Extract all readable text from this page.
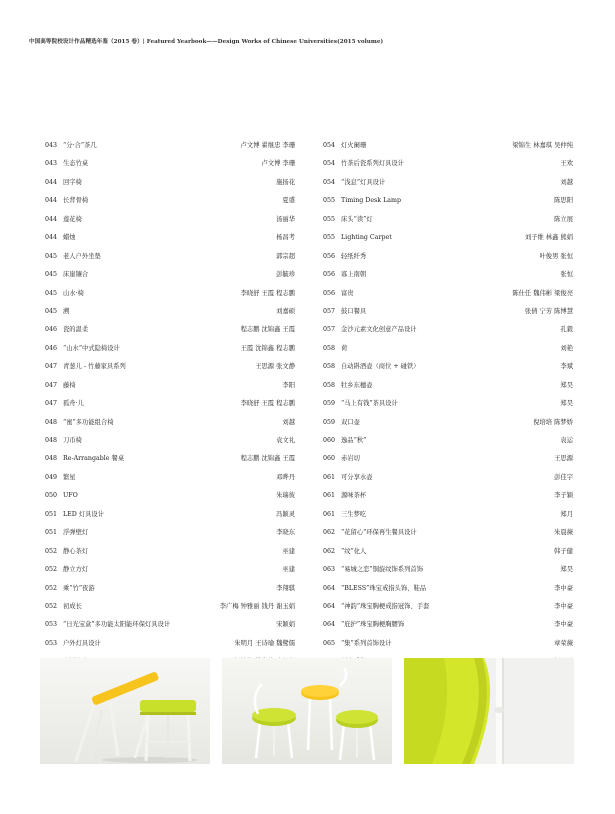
中国高等院校设计作品精选年鉴（2015 卷）| Featured Yearbook——Design Works of Chinese Universities(2015 volume)
043 “分·合”茶几	卢文博 翟继忠 李珊
043 生态竹桌	卢文博 李珊
044 回字椅	施扬花
044 长背骨椅	夏盛
044 莲花椅	汤丽华
044 蜡烛	杨昌考
045 老人户外坐垫	郭宗超
045 床崖镶合	彭毓珍
045 山水·椅	李晓舒 王霞 程志鹏
045 溯	刘嘉硕
046 瓷的温柔	程志鹏 沈锦鑫 王霞
046 “山水”中式隐椅设计	王霞 沈锦鑫 程志鹏
047 青葱儿 - 竹藤家具系列	王思源 张文静
047 藤椅	李阳
047 孤舟·儿	李晓舒 王霞 程志鹏
048 “蜜”多功能组合椅	刘越
048 刀币椅	袁文礼
048 Re-Arrangable 餐桌	程志鹏 沈锦鑫 王霞
049 繁星	邓晔丹
050 UFO	朱瑞彼
051 LED 灯具设计	冯颖灵
051 浮弹壁灯	李晓东
052 静心茶灯	巫建
052 静立方灯	巫建
052 乘“竹”夜游	李翔骐
052 初成长	李广梅 钟雅丽 钱丹 谢玉娟
053 “日光宝盒”多功能太阳能环保灯具设计	宋颖娟
053 户外灯具设计	朱明月 王诗瑜 魏鹭儒
054 灯火阑珊	梁锦生 林嘉琪 吴仲纯
054 竹茶后瓷系列灯具设计	王欢
054 “浅息”灯具设计	刘越
055 Timing Desk Lamp	陈思阳
055 床头“读”灯	陈立展
055 Lighting Carpet	刘子维 林鑫 熊娟
056 轻纸纤秀	叶俊男 张恒
056 寡上南朝	张恒
056 富贵	陈仕任 魏伟彬 梁俊亮
057 鼓口餐具	张倩 宁芳 陈博慧
057 金沙元素文化创意产品设计	孔毅
058 荷	刘艳
058 自动斟酒壶（商位 + 碰铁）	李斌
058 牡乡东穗壶	郑昊
059 “马上有钱”茶具设计	郑昊
059 双口壶	倪培培 陈梦娇
060 逸品“秋”	袁运
060 赤岩切	王思源
061 可分享水壶	彭佳宇
061 源味茶杯	李子颖
061 三生梦吃	郑月
062 “花留心”环保再生餐具设计	朱晨薇
062 “纹”化人	韩子健
063 “易城之恋”铜旋纹饰系列首饰	郑昊
064 “BLESS”珠宝戒指头饰、鞋品	李中豪
064 “神韵”珠宝胸梗戒指冠饰、手套	李中豪
064 “庇护”珠宝胸梗胸腰饰	李中豪
065 “集”系列首饰设计	章荣薇
